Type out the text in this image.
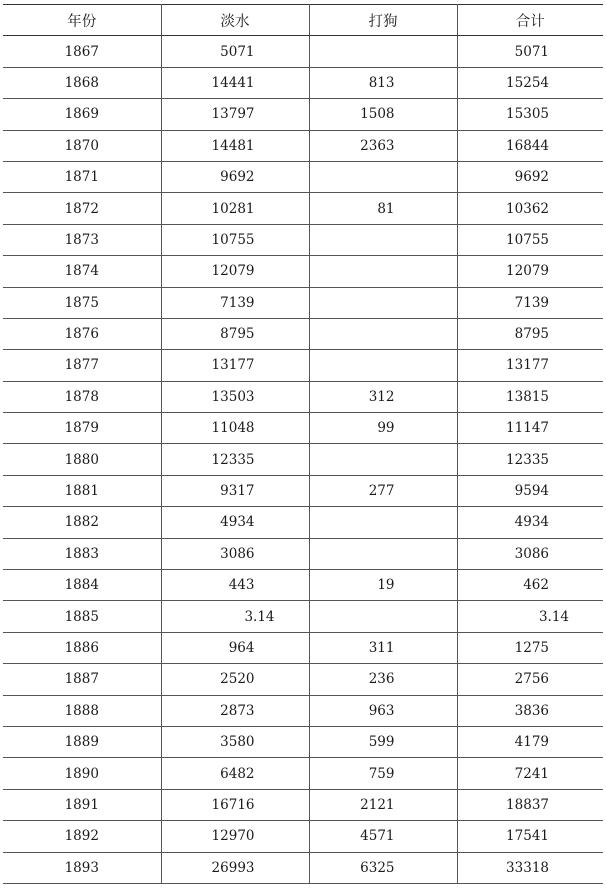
年份	淡水	打狗	合计
1867	5071		5071
1868	14441	813	15254
1869	13797	1508	15305
1870	14481	2363	16844
1871	9692		9692
1872	10281	81	10362
1873	10755		10755
1874	12079		12079
1875	7139		7139
1876	8795		8795
1877	13177		13177
1878	13503	312	13815
1879	11048	99	11147
1880	12335		12335
1881	9317	277	9594
1882	4934		4934
1883	3086		3086
1884	443	19	462
1885	3.14		3.14
1886	964	311	1275
1887	2520	236	2756
1888	2873	963	3836
1889	3580	599	4179
1890	6482	759	7241
1891	16716	2121	18837
1892	12970	4571	17541
1893	26993	6325	33318
